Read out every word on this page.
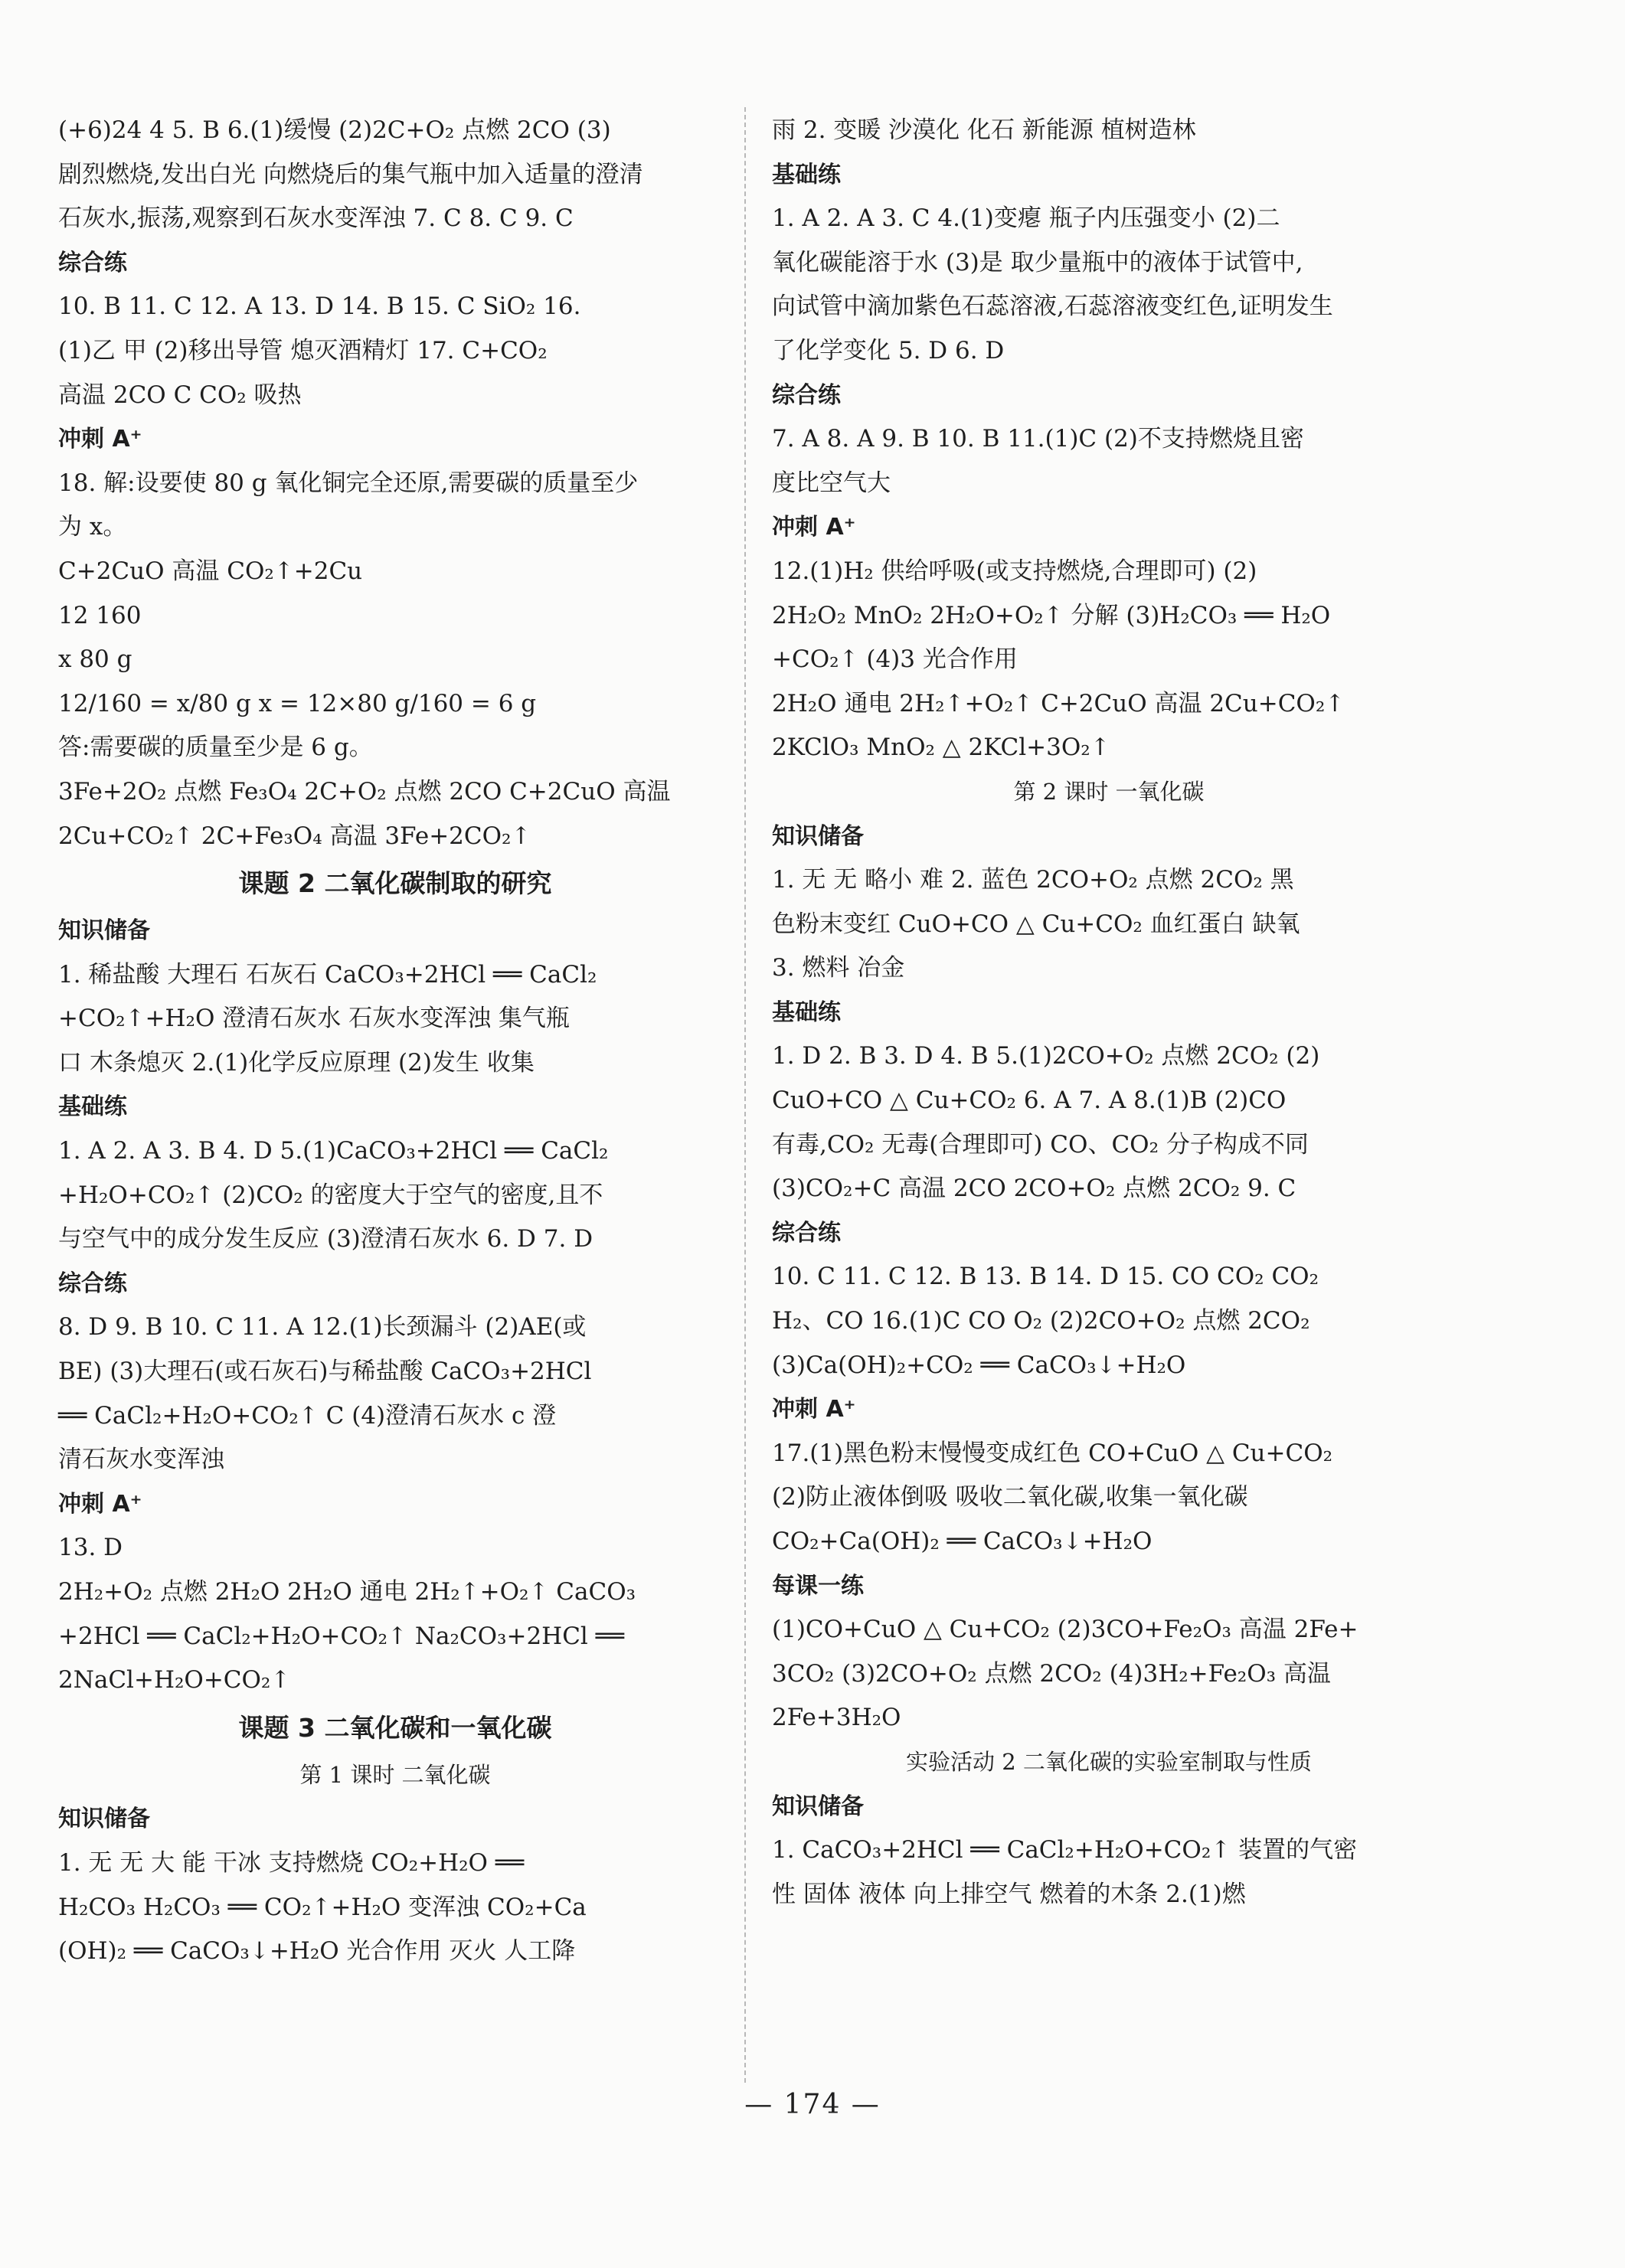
(+6)24 4 5. B 6.(1)缓慢 (2)2C+O₂ 点燃 2CO (3)
剧烈燃烧,发出白光 向燃烧后的集气瓶中加入适量的澄清
石灰水,振荡,观察到石灰水变浑浊 7. C 8. C 9. C
综合练
10. B 11. C 12. A 13. D 14. B 15. C SiO₂ 16.
(1)乙 甲 (2)移出导管 熄灭酒精灯 17. C+CO₂
高温 2CO C CO₂ 吸热
冲刺 A⁺
18. 解:设要使 80 g 氧化铜完全还原,需要碳的质量至少
为 x。
C+2CuO 高温 CO₂↑+2Cu
12 160
x 80 g
12/160 = x/80 g x = 12×80 g/160 = 6 g
答:需要碳的质量至少是 6 g。
3Fe+2O₂ 点燃 Fe₃O₄ 2C+O₂ 点燃 2CO C+2CuO 高温
2Cu+CO₂↑ 2C+Fe₃O₄ 高温 3Fe+2CO₂↑
课题 2 二氧化碳制取的研究
知识储备
1. 稀盐酸 大理石 石灰石 CaCO₃+2HCl ══ CaCl₂
+CO₂↑+H₂O 澄清石灰水 石灰水变浑浊 集气瓶
口 木条熄灭 2.(1)化学反应原理 (2)发生 收集
基础练
1. A 2. A 3. B 4. D 5.(1)CaCO₃+2HCl ══ CaCl₂
+H₂O+CO₂↑ (2)CO₂ 的密度大于空气的密度,且不
与空气中的成分发生反应 (3)澄清石灰水 6. D 7. D
综合练
8. D 9. B 10. C 11. A 12.(1)长颈漏斗 (2)AE(或
BE) (3)大理石(或石灰石)与稀盐酸 CaCO₃+2HCl
══ CaCl₂+H₂O+CO₂↑ C (4)澄清石灰水 c 澄
清石灰水变浑浊
冲刺 A⁺
13. D
2H₂+O₂ 点燃 2H₂O 2H₂O 通电 2H₂↑+O₂↑ CaCO₃
+2HCl ══ CaCl₂+H₂O+CO₂↑ Na₂CO₃+2HCl ══
2NaCl+H₂O+CO₂↑
课题 3 二氧化碳和一氧化碳
第 1 课时 二氧化碳
知识储备
1. 无 无 大 能 干冰 支持燃烧 CO₂+H₂O ══
H₂CO₃ H₂CO₃ ══ CO₂↑+H₂O 变浑浊 CO₂+Ca
(OH)₂ ══ CaCO₃↓+H₂O 光合作用 灭火 人工降
雨 2. 变暖 沙漠化 化石 新能源 植树造林
基础练
1. A 2. A 3. C 4.(1)变瘪 瓶子内压强变小 (2)二
氧化碳能溶于水 (3)是 取少量瓶中的液体于试管中,
向试管中滴加紫色石蕊溶液,石蕊溶液变红色,证明发生
了化学变化 5. D 6. D
综合练
7. A 8. A 9. B 10. B 11.(1)C (2)不支持燃烧且密
度比空气大
冲刺 A⁺
12.(1)H₂ 供给呼吸(或支持燃烧,合理即可) (2)
2H₂O₂ MnO₂ 2H₂O+O₂↑ 分解 (3)H₂CO₃ ══ H₂O
+CO₂↑ (4)3 光合作用
2H₂O 通电 2H₂↑+O₂↑ C+2CuO 高温 2Cu+CO₂↑
2KClO₃ MnO₂ △ 2KCl+3O₂↑
第 2 课时 一氧化碳
知识储备
1. 无 无 略小 难 2. 蓝色 2CO+O₂ 点燃 2CO₂ 黑
色粉末变红 CuO+CO △ Cu+CO₂ 血红蛋白 缺氧
3. 燃料 冶金
基础练
1. D 2. B 3. D 4. B 5.(1)2CO+O₂ 点燃 2CO₂ (2)
CuO+CO △ Cu+CO₂ 6. A 7. A 8.(1)B (2)CO
有毒,CO₂ 无毒(合理即可) CO、CO₂ 分子构成不同
(3)CO₂+C 高温 2CO 2CO+O₂ 点燃 2CO₂ 9. C
综合练
10. C 11. C 12. B 13. B 14. D 15. CO CO₂ CO₂
H₂、CO 16.(1)C CO O₂ (2)2CO+O₂ 点燃 2CO₂
(3)Ca(OH)₂+CO₂ ══ CaCO₃↓+H₂O
冲刺 A⁺
17.(1)黑色粉末慢慢变成红色 CO+CuO △ Cu+CO₂
(2)防止液体倒吸 吸收二氧化碳,收集一氧化碳
CO₂+Ca(OH)₂ ══ CaCO₃↓+H₂O
每课一练
(1)CO+CuO △ Cu+CO₂ (2)3CO+Fe₂O₃ 高温 2Fe+
3CO₂ (3)2CO+O₂ 点燃 2CO₂ (4)3H₂+Fe₂O₃ 高温
2Fe+3H₂O
实验活动 2 二氧化碳的实验室制取与性质
知识储备
1. CaCO₃+2HCl ══ CaCl₂+H₂O+CO₂↑ 装置的气密
性 固体 液体 向上排空气 燃着的木条 2.(1)燃
— 174 —
